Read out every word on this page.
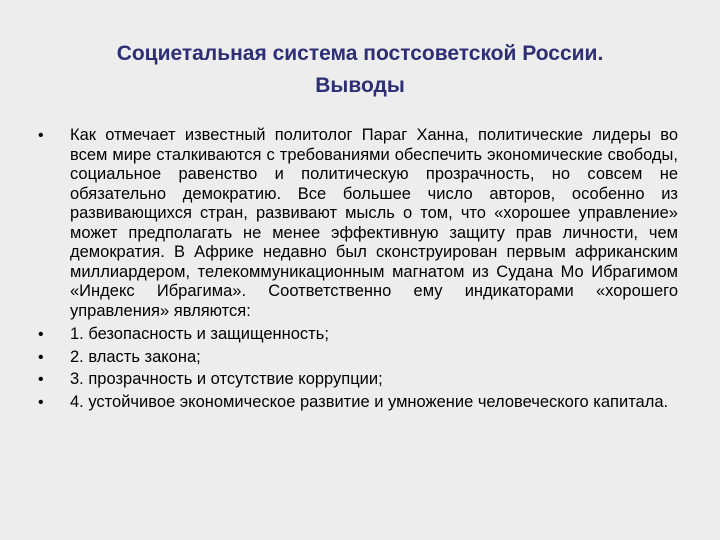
Социетальная система постсоветской России.
Выводы
•	Как отмечает известный политолог Параг Ханна, политические лидеры во всем мире сталкиваются с требованиями обеспечить экономические свободы, социальное равенство и политическую прозрачность, но совсем не обязательно демократию. Все большее число авторов, особенно из развивающихся стран, развивают мысль о том, что «хорошее управление» может предполагать не менее эффективную защиту прав личности, чем демократия. В Африке недавно был сконструирован первым африканским миллиардером, телекоммуникационным магнатом из Судана Мо Ибрагимом «Индекс Ибрагима». Соответственно ему индикаторами «хорошего управления» являются:
•	1. безопасность и защищенность;
•	2. власть закона;
•	3. прозрачность и отсутствие коррупции;
•	4. устойчивое экономическое развитие и умножение человеческого капитала.
